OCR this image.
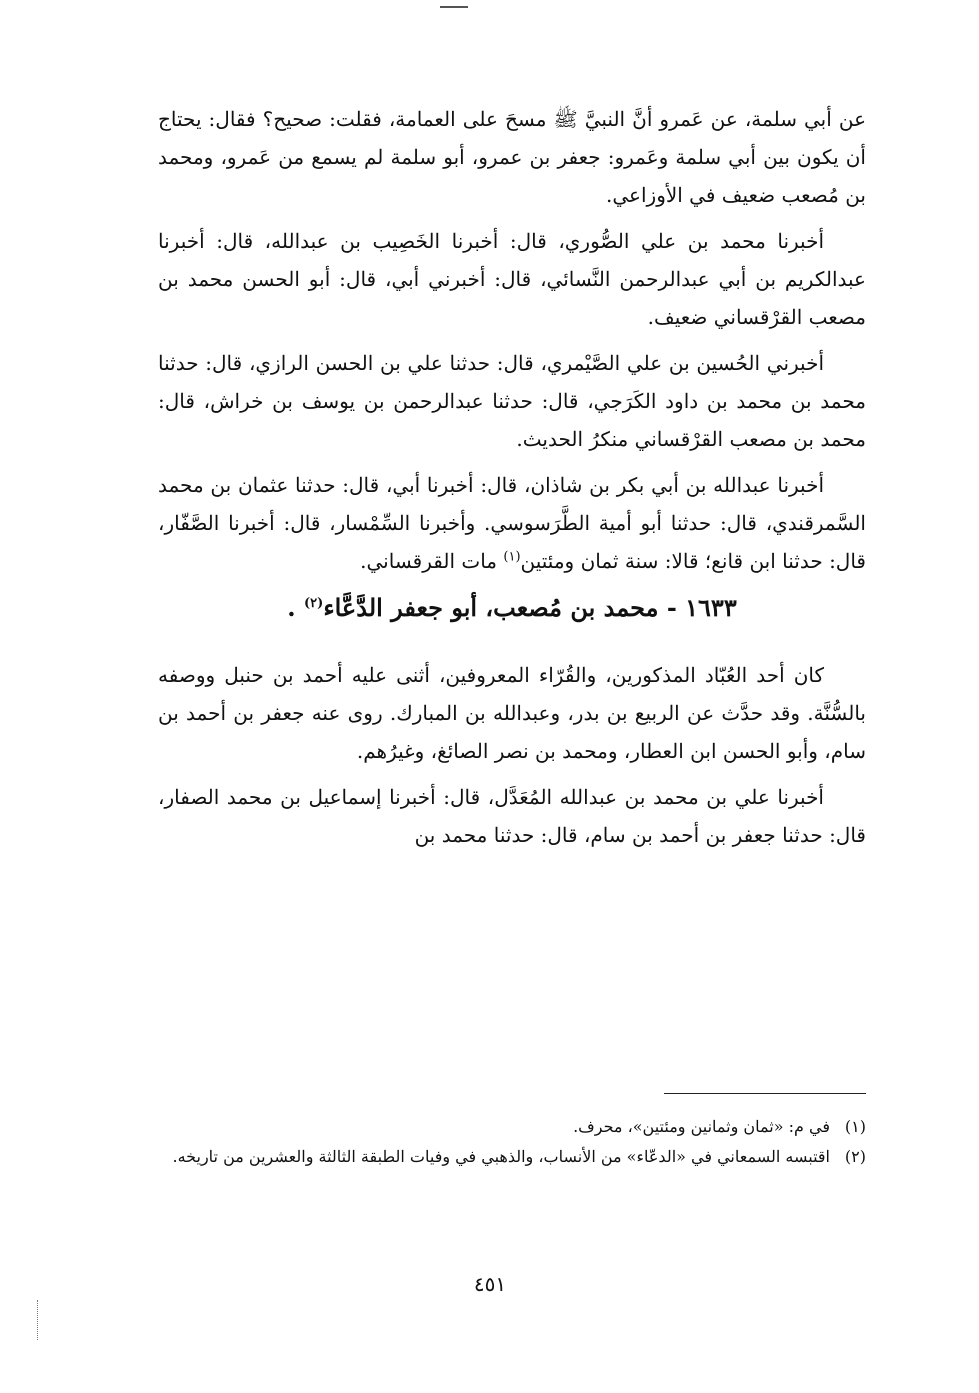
عن أبي سلمة، عن عَمرو أنَّ النبيَّ ﷺ مسحَ على العمامة، فقلت: صحيح؟ فقال: يحتاج أن يكون بين أبي سلمة وعَمرو: جعفر بن عمرو، أبو سلمة لم يسمع من عَمرو، ومحمد بن مُصعب ضعيف في الأوزاعي.

أخبرنا محمد بن علي الصُّوري، قال: أخبرنا الخَصِيب بن عبدالله، قال: أخبرنا عبدالكريم بن أبي عبدالرحمن النَّسائي، قال: أخبرني أبي، قال: أبو الحسن محمد بن مصعب القرْقساني ضعيف.

أخبرني الحُسين بن علي الصَّيْمري، قال: حدثنا علي بن الحسن الرازي، قال: حدثنا محمد بن محمد بن داود الكَرَجي، قال: حدثنا عبدالرحمن بن يوسف بن خراش، قال: محمد بن مصعب القرْقساني منكرُ الحديث.

أخبرنا عبدالله بن أبي بكر بن شاذان، قال: أخبرنا أبي، قال: حدثنا عثمان بن محمد السَّمرقندي، قال: حدثنا أبو أمية الطَّرَسوسي. وأخبرنا السِّمْسار، قال: أخبرنا الصَّفّار، قال: حدثنا ابن قانع؛ قالا: سنة ثمان ومئتين$^{(١)}$ مات القرقساني.

١٦٣٣ - محمد بن مُصعب، أبو جعفر الدَّعَّاء$^{(٢)}$ .

كان أحد العُبّاد المذكورين، والقُرّاء المعروفين، أثنى عليه أحمد بن حنبل ووصفه بالسُّنَّة. وقد حدَّث عن الربيع بن بدر، وعبدالله بن المبارك. روى عنه جعفر بن أحمد بن سام، وأبو الحسن ابن العطار، ومحمد بن نصر الصائغ، وغيرُهم.

أخبرنا علي بن محمد بن عبدالله المُعَدَّل، قال: أخبرنا إسماعيل بن محمد الصفار، قال: حدثنا جعفر بن أحمد بن سام، قال: حدثنا محمد بن

(١)
في م: «ثمان وثمانين ومئتين»، محرف.

(٢)
اقتبسه السمعاني في «الدعّاء» من الأنساب، والذهبي في وفيات الطبقة الثالثة والعشرين من تاريخه.

٤٥١
